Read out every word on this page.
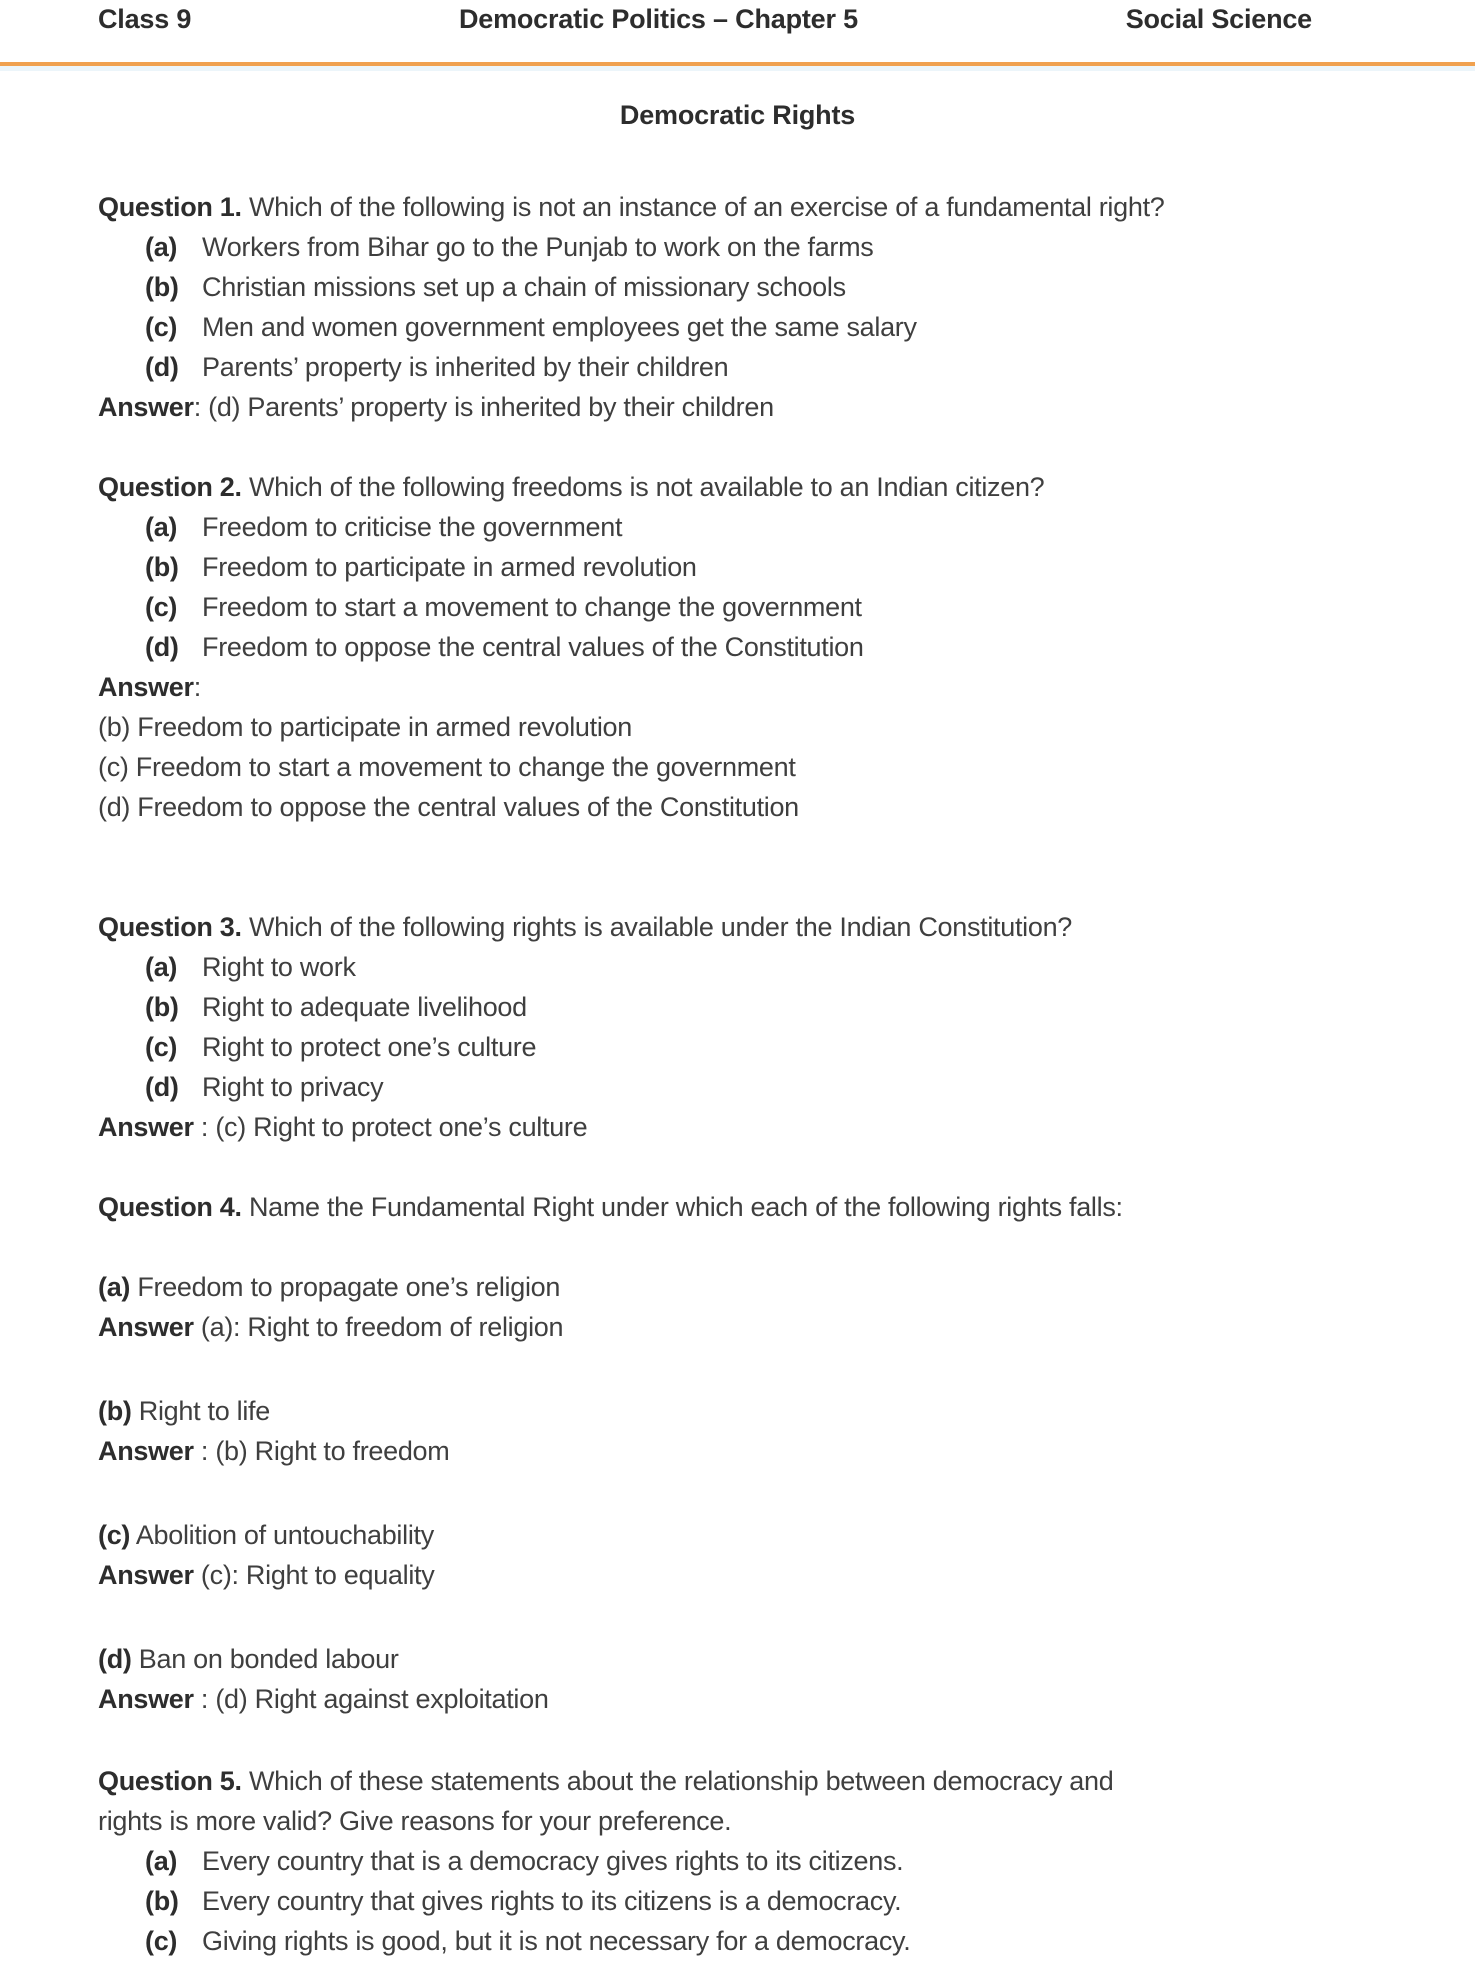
Class 9	Democratic Politics – Chapter 5	Social Science
Democratic Rights

Question 1. Which of the following is not an instance of an exercise of a fundamental right?

(a) Workers from Bihar go to the Punjab to work on the farms

(b) Christian missions set up a chain of missionary schools

(c) Men and women government employees get the same salary

(d) Parents’ property is inherited by their children

Answer: (d) Parents’ property is inherited by their children

Question 2. Which of the following freedoms is not available to an Indian citizen?

(a) Freedom to criticise the government

(b) Freedom to participate in armed revolution

(c) Freedom to start a movement to change the government

(d) Freedom to oppose the central values of the Constitution

Answer:

(b) Freedom to participate in armed revolution

(c) Freedom to start a movement to change the government

(d) Freedom to oppose the central values of the Constitution

Question 3. Which of the following rights is available under the Indian Constitution?

(a) Right to work

(b) Right to adequate livelihood

(c) Right to protect one’s culture

(d) Right to privacy

Answer : (c) Right to protect one’s culture

Question 4. Name the Fundamental Right under which each of the following rights falls:

(a) Freedom to propagate one’s religion

Answer (a): Right to freedom of religion

(b) Right to life

Answer : (b) Right to freedom

(c) Abolition of untouchability

Answer (c): Right to equality

(d) Ban on bonded labour

Answer : (d) Right against exploitation

Question 5. Which of these statements about the relationship between democracy and

rights is more valid? Give reasons for your preference.

(a) Every country that is a democracy gives rights to its citizens.

(b) Every country that gives rights to its citizens is a democracy.

(c) Giving rights is good, but it is not necessary for a democracy.
